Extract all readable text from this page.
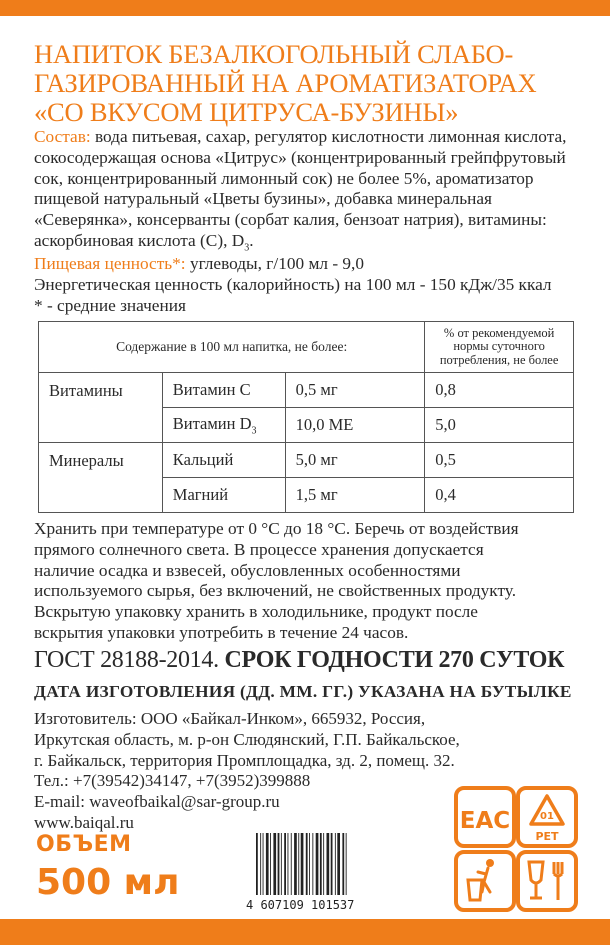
НАПИТОК БЕЗАЛКОГОЛЬНЫЙ СЛАБО-
ГАЗИРОВАННЫЙ НА АРОМАТИЗАТОРАХ
«СО ВКУСОМ ЦИТРУСА-БУЗИНЫ»
Состав: вода питьевая, сахар, регулятор кислотности лимонная кислота, сокосодержащая основа «Цитрус» (концентрированный грейпфрутовый сок, концентрированный лимонный сок) не более 5%, ароматизатор пищевой натуральный «Цветы бузины», добавка минеральная «Северянка», консерванты (сорбат калия, бензоат натрия), витамины: аскорбиновая кислота (С), $D_3$.
Пищевая ценность*: углеводы, г/100 мл - 9,0
Энергетическая ценность (калорийность) на 100 мл - 150 кДж/35 ккал
* - средние значения
Содержание в 100 мл напитка, не более:			% от рекомендуемой нормы суточного потребления, не более
Витамины	Витамин С	0,5 мг	0,8
	Витамин $D_3$	10,0 МЕ	5,0
Минералы	Кальций	5,0 мг	0,5
	Магний	1,5 мг	0,4
Хранить при температуре от 0 °С до 18 °С. Беречь от воздействия
прямого солнечного света. В процессе хранения допускается
наличие осадка и взвесей, обусловленных особенностями
используемого сырья, без включений, не свойственных продукту.
Вскрытую упаковку хранить в холодильнике, продукт после
вскрытия упаковки употребить в течение 24 часов.
ГОСТ 28188-2014. СРОК ГОДНОСТИ 270 СУТОК
ДАТА ИЗГОТОВЛЕНИЯ (ДД. ММ. ГГ.) УКАЗАНА НА БУТЫЛКЕ
Изготовитель: ООО «Байкал-Инком», 665932, Россия,
Иркутская область, м. р-он Слюдянский, Г.П. Байкальское,
г. Байкальск, территория Промплощадка, зд. 2, помещ. 32.
Тел.: +7(39542)34147, +7(3952)399888
E-mail: waveofbaikal@sar-group.ru
www.baiqal.ru
ОБЪЕМ
500 мл
4 607109 101537
ЕАС	01
PET
